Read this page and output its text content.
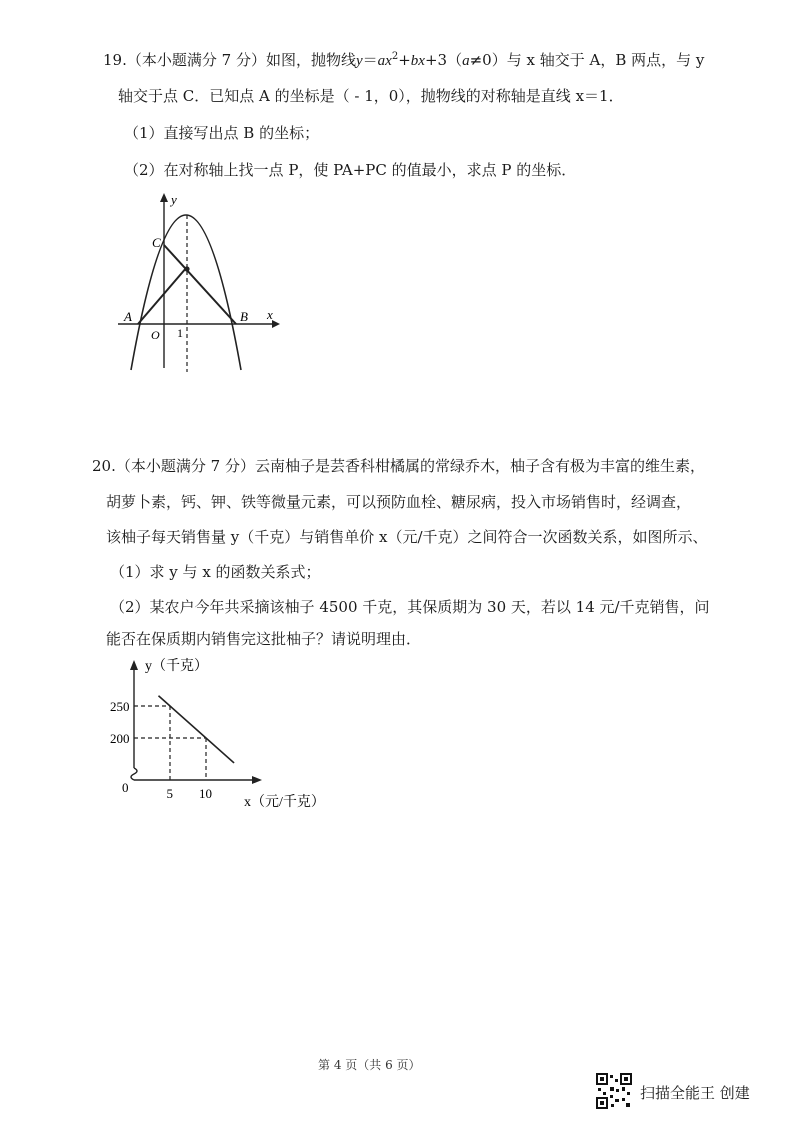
19.（本小题满分 7 分）如图，抛物线$y=ax^2+bx+3(a\ne 0)$与 x 轴交于 A，B 两点，与 y
轴交于点 C．已知点 A 的坐标是（ - 1，0），抛物线的对称轴是直线 x＝1．
（1）直接写出点 B 的坐标；
（2）在对称轴上找一点 P，使 PA+PC 的值最小，求点 P 的坐标．
y
x
C
A	B
O 1
20.（本小题满分 7 分）云南柚子是芸香科柑橘属的常绿乔木，柚子含有极为丰富的维生素，
胡萝卜素，钙、钾、铁等微量元素，可以预防血栓、糖尿病，投入市场销售时，经调查，
该柚子每天销售量 y（千克）与销售单价 x（元/千克）之间符合一次函数关系，如图所示、
（1）求 y 与 x 的函数关系式；
（2）某农户今年共采摘该柚子 4500 千克，其保质期为 30 天，若以 14 元/千克销售，问
能否在保质期内销售完这批柚子？请说明理由．
250
5
200
10
y（千克）
x（元/千克）
0
第 4 页（共 6 页）
扫描全能王 创建
